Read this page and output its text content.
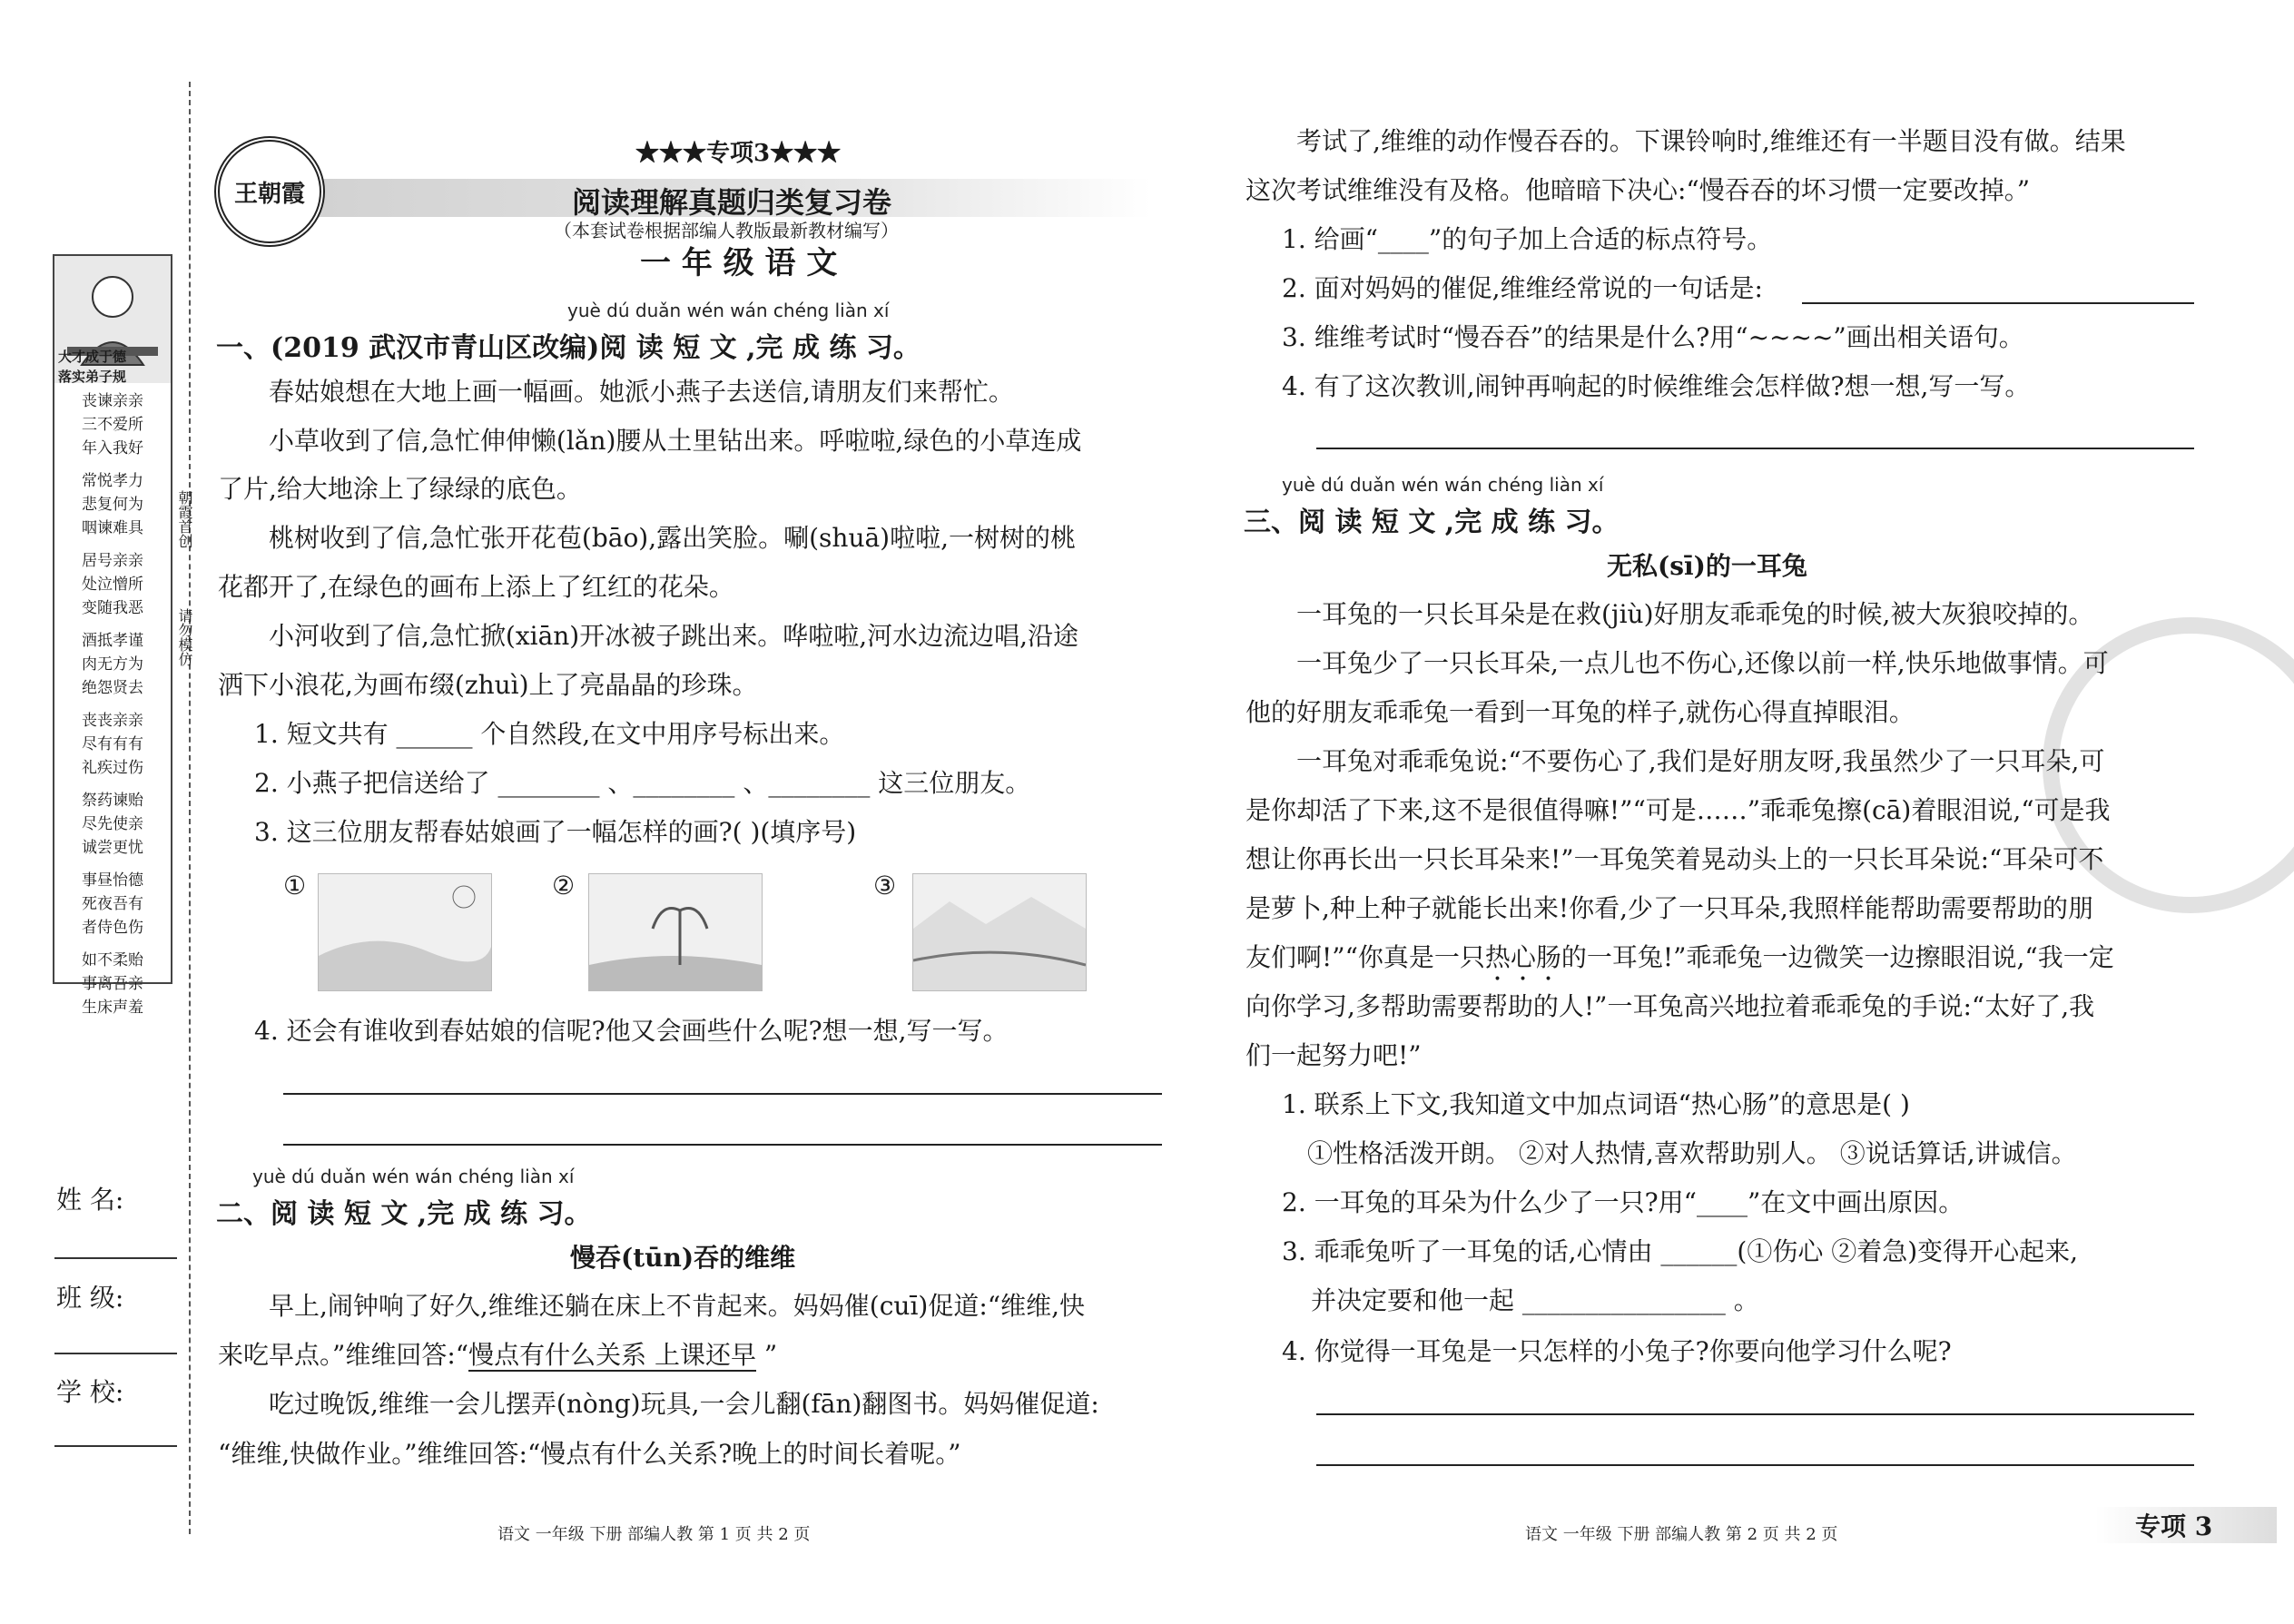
大才成于德
落实弟子规
丧谏亲亲
三不爱所
年入我好
常悦孝力
悲复何为
咽谏难具
居号亲亲
处泣憎所
变随我恶
酒抵孝谨
肉无方为
绝怨贤去
丧丧亲亲
尽有有有
礼疾过伤
祭药谏贻
尽先使亲
诚尝更忧
事昼怡德
死夜吾有
者侍色伤
如不柔贻
事离吾亲
生床声羞
朝霞首创
请勿模仿
姓 名:
班 级:
学 校:
王朝霞
★★★专项3★★★
阅读理解真题归类复习卷
（本套试卷根据部编人教版最新教材编写）
一 年 级 语 文
yuè dú duǎn wén wán chéng liàn xí
一、(2019 武汉市青山区改编)阅 读 短 文 ,完 成 练 习。
春姑娘想在大地上画一幅画。她派小燕子去送信,请朋友们来帮忙。
小草收到了信,急忙伸伸懒(lǎn)腰从土里钻出来。呼啦啦,绿色的小草连成
了片,给大地涂上了绿绿的底色。
桃树收到了信,急忙张开花苞(bāo),露出笑脸。唰(shuā)啦啦,一树树的桃
花都开了,在绿色的画布上添上了红红的花朵。
小河收到了信,急忙掀(xiān)开冰被子跳出来。哗啦啦,河水边流边唱,沿途
洒下小浪花,为画布缀(zhuì)上了亮晶晶的珍珠。
1. 短文共有 ______ 个自然段,在文中用序号标出来。
2. 小燕子把信送给了 ________ 、________ 、________ 这三位朋友。
3. 这三位朋友帮春姑娘画了一幅怎样的画?( )(填序号)
①	②	③
4. 还会有谁收到春姑娘的信呢?他又会画些什么呢?想一想,写一写。
yuè dú duǎn wén wán chéng liàn xí
二、阅 读 短 文 ,完 成 练 习。
慢吞(tūn)吞的维维
早上,闹钟响了好久,维维还躺在床上不肯起来。妈妈催(cuī)促道:“维维,快
来吃早点。”维维回答:“慢点有什么关系 上课还早 ”
吃过晚饭,维维一会儿摆弄(nòng)玩具,一会儿翻(fān)翻图书。妈妈催促道:
“维维,快做作业。”维维回答:“慢点有什么关系?晚上的时间长着呢。”
语文 一年级 下册 部编人教 第 1 页 共 2 页
考试了,维维的动作慢吞吞的。下课铃响时,维维还有一半题目没有做。结果
这次考试维维没有及格。他暗暗下决心:“慢吞吞的坏习惯一定要改掉。”
1. 给画“____”的句子加上合适的标点符号。
2. 面对妈妈的催促,维维经常说的一句话是:
3. 维维考试时“慢吞吞”的结果是什么?用“~~~~”画出相关语句。
4. 有了这次教训,闹钟再响起的时候维维会怎样做?想一想,写一写。
yuè dú duǎn wén wán chéng liàn xí
三、阅 读 短 文 ,完 成 练 习。
无私(sī)的一耳兔
一耳兔的一只长耳朵是在救(jiù)好朋友乖乖兔的时候,被大灰狼咬掉的。
一耳兔少了一只长耳朵,一点儿也不伤心,还像以前一样,快乐地做事情。可
他的好朋友乖乖兔一看到一耳兔的样子,就伤心得直掉眼泪。
一耳兔对乖乖兔说:“不要伤心了,我们是好朋友呀,我虽然少了一只耳朵,可
是你却活了下来,这不是很值得嘛!”“可是……”乖乖兔擦(cā)着眼泪说,“可是我
想让你再长出一只长耳朵来!”一耳兔笑着晃动头上的一只长耳朵说:“耳朵可不
是萝卜,种上种子就能长出来!你看,少了一只耳朵,我照样能帮助需要帮助的朋
友们啊!”“你真是一只热心肠的一耳兔!”乖乖兔一边微笑一边擦眼泪说,“我一定
向你学习,多帮助需要帮助的人!”一耳兔高兴地拉着乖乖兔的手说:“太好了,我
们一起努力吧!”
1. 联系上下文,我知道文中加点词语“热心肠”的意思是( )
①性格活泼开朗。 ②对人热情,喜欢帮助别人。 ③说话算话,讲诚信。
2. 一耳兔的耳朵为什么少了一只?用“____”在文中画出原因。
3. 乖乖兔听了一耳兔的话,心情由 ______(①伤心 ②着急)变得开心起来,
并决定要和他一起 ________________ 。
4. 你觉得一耳兔是一只怎样的小兔子?你要向他学习什么呢?
语文 一年级 下册 部编人教 第 2 页 共 2 页	专项 3
